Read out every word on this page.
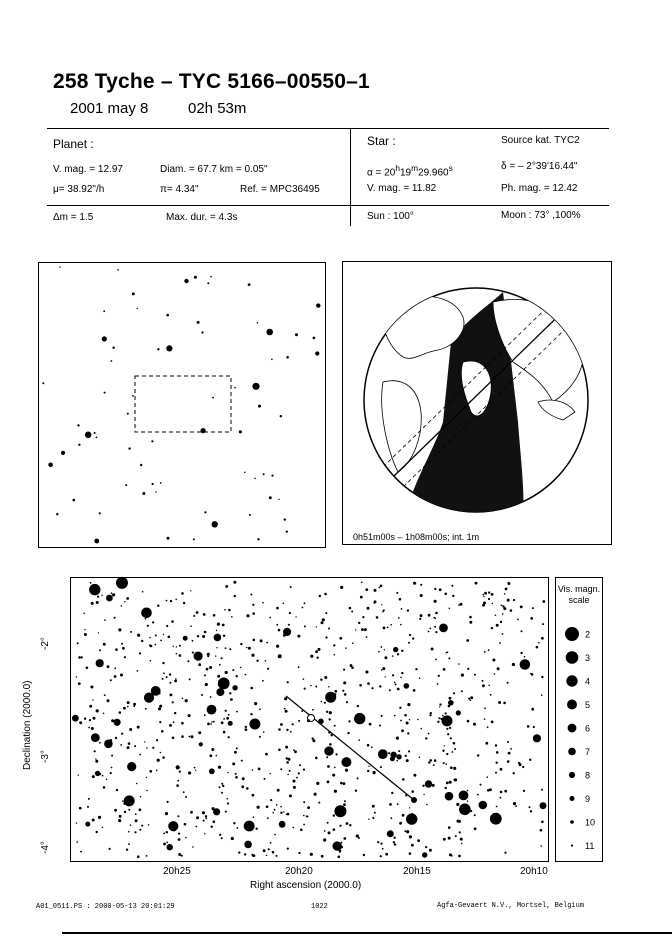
258 Tyche – TYC 5166–00550–1
2001 may 8	02h 53m
Planet :
V. mag. = 12.97	Diam. = 67.7 km = 0.05"
μ= 38.92"/h	π= 4.34"	Ref. = MPC36495
Star :	Source kat. TYC2
$\alpha = 20^h19^m29.960^s$	δ = – 2°39'16.44"
V. mag. = 11.82	Ph. mag. = 12.42
Δm = 1.5	Max. dur. = 4.3s	Sun : 100°	Moon : 73° ,100%
0h51m00s – 1h08m00s; int. 1m
20h25	20h20	20h15	20h10
Right ascension (2000.0)
-2°
-3°
-4°
Declination (2000.0)
Vis. magn. scale
2
3
4
5
6
7
8
9
10
11
A01_0511.PS : 2000-05-13 20:01:29	1022	Agfa-Gevaert N.V., Mortsel, Belgium
